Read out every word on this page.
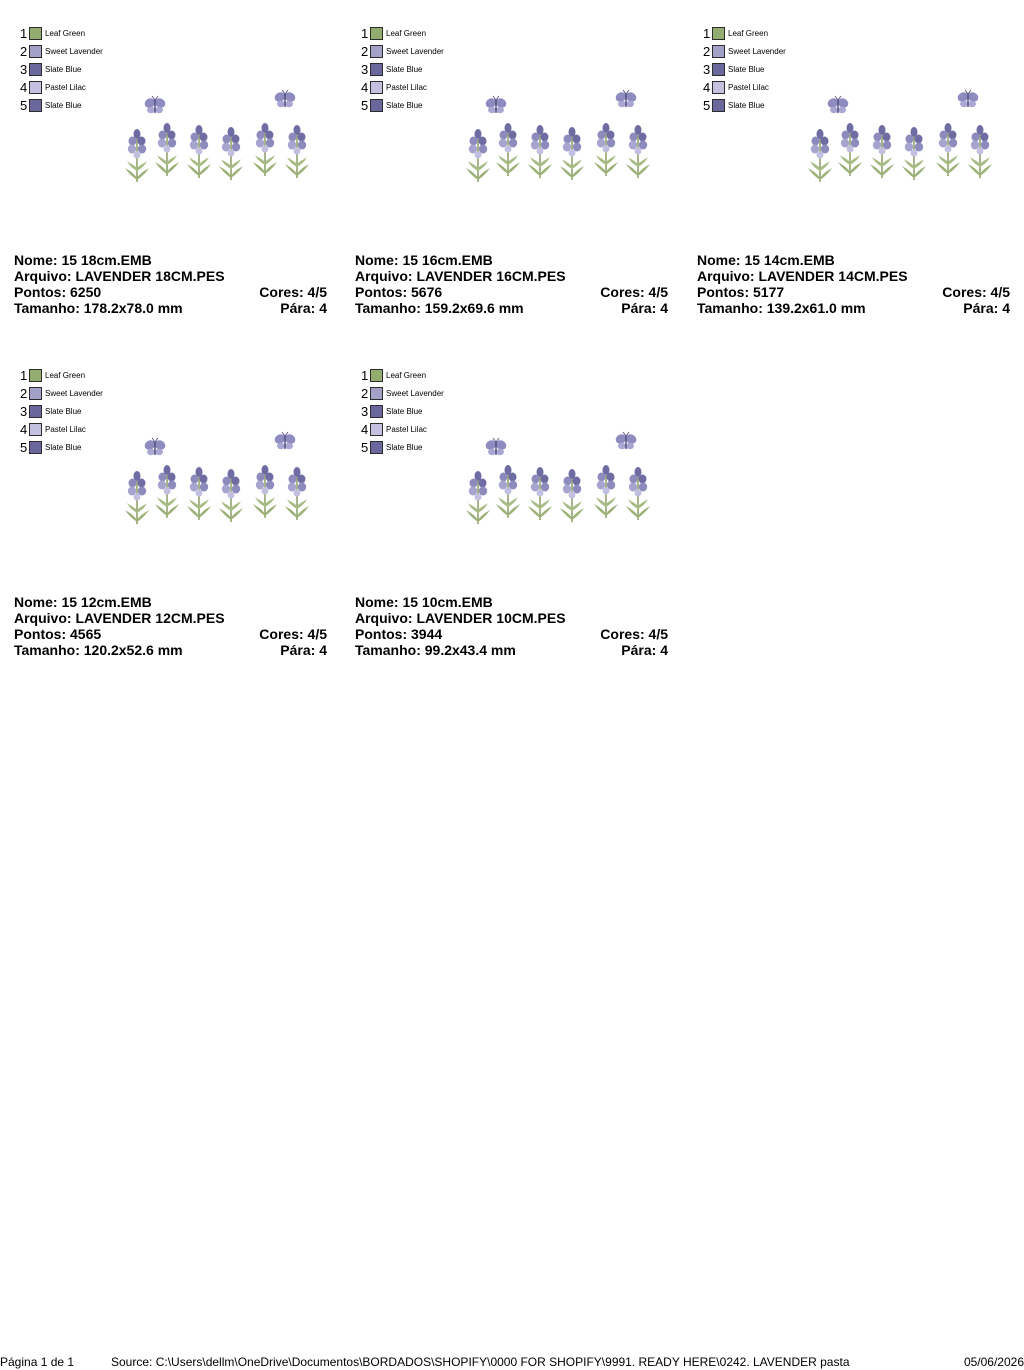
1 Leaf Green
2 Sweet Lavender
3 Slate Blue
4 Pastel Lilac
5 Slate Blue
Nome: 15 18cm.EMB
Arquivo: LAVENDER 18CM.PES
Pontos: 6250	Cores: 4/5
Tamanho: 178.2x78.0 mm	Pára: 4
1 Leaf Green
2 Sweet Lavender
3 Slate Blue
4 Pastel Lilac
5 Slate Blue
Nome: 15 16cm.EMB
Arquivo: LAVENDER 16CM.PES
Pontos: 5676	Cores: 4/5
Tamanho: 159.2x69.6 mm	Pára: 4
1 Leaf Green
2 Sweet Lavender
3 Slate Blue
4 Pastel Lilac
5 Slate Blue
Nome: 15 14cm.EMB
Arquivo: LAVENDER 14CM.PES
Pontos: 5177	Cores: 4/5
Tamanho: 139.2x61.0 mm	Pára: 4
1 Leaf Green
2 Sweet Lavender
3 Slate Blue
4 Pastel Lilac
5 Slate Blue
Nome: 15 12cm.EMB
Arquivo: LAVENDER 12CM.PES
Pontos: 4565	Cores: 4/5
Tamanho: 120.2x52.6 mm	Pára: 4
1 Leaf Green
2 Sweet Lavender
3 Slate Blue
4 Pastel Lilac
5 Slate Blue
Nome: 15 10cm.EMB
Arquivo: LAVENDER 10CM.PES
Pontos: 3944	Cores: 4/5
Tamanho: 99.2x43.4 mm	Pára: 4
Página 1 de 1	Source: C:\Users\dellm\OneDrive\Documentos\BORDADOS\SHOPIFY\0000 FOR SHOPIFY\9991. READY HERE\0242. LAVENDER pasta	05/06/2026
